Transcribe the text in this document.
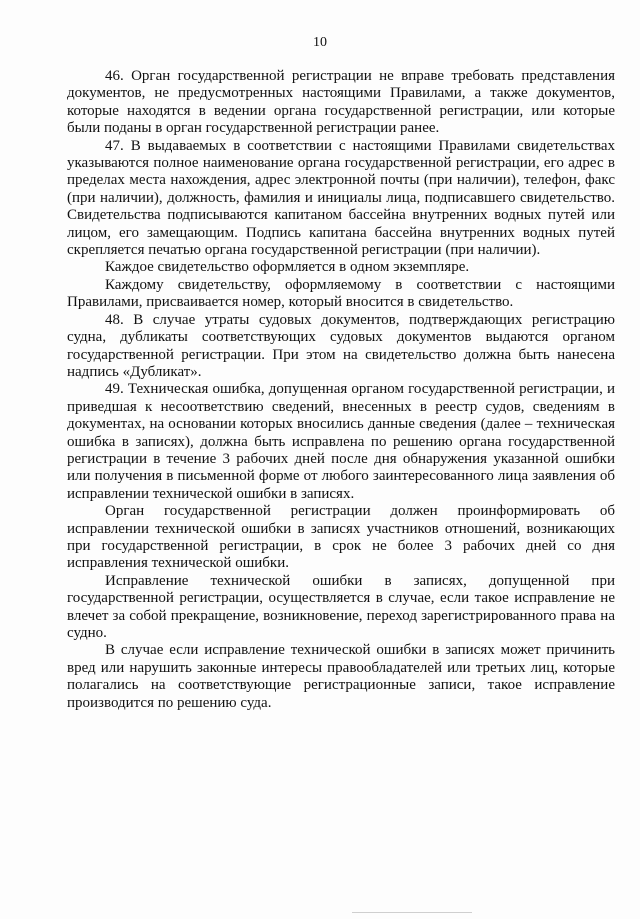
10

46. Орган государственной регистрации не вправе требовать представления документов, не предусмотренных настоящими Правилами, а также документов, которые находятся в ведении органа государственной регистрации, или которые были поданы в орган государственной регистрации ранее.

47. В выдаваемых в соответствии с настоящими Правилами свидетельствах указываются полное наименование органа государственной регистрации, его адрес в пределах места нахождения, адрес электронной почты (при наличии), телефон, факс (при наличии), должность, фамилия и инициалы лица, подписавшего свидетельство. Свидетельства подписываются капитаном бассейна внутренних водных путей или лицом, его замещающим. Подпись капитана бассейна внутренних водных путей скрепляется печатью органа государственной регистрации (при наличии).

Каждое свидетельство оформляется в одном экземпляре.

Каждому свидетельству, оформляемому в соответствии с настоящими Правилами, присваивается номер, который вносится в свидетельство.

48. В случае утраты судовых документов, подтверждающих регистрацию судна, дубликаты соответствующих судовых документов выдаются органом государственной регистрации. При этом на свидетельство должна быть нанесена надпись «Дубликат».

49. Техническая ошибка, допущенная органом государственной регистрации, и приведшая к несоответствию сведений, внесенных в реестр судов, сведениям в документах, на основании которых вносились данные сведения (далее – техническая ошибка в записях), должна быть исправлена по решению органа государственной регистрации в течение 3 рабочих дней после дня обнаружения указанной ошибки или получения в письменной форме от любого заинтересованного лица заявления об исправлении технической ошибки в записях.

Орган государственной регистрации должен проинформировать об исправлении технической ошибки в записях участников отношений, возникающих при государственной регистрации, в срок не более 3 рабочих дней со дня исправления технической ошибки.

Исправление технической ошибки в записях, допущенной при государственной регистрации, осуществляется в случае, если такое исправление не влечет за собой прекращение, возникновение, переход зарегистрированного права на судно.

В случае если исправление технической ошибки в записях может причинить вред или нарушить законные интересы правообладателей или третьих лиц, которые полагались на соответствующие регистрационные записи, такое исправление производится по решению суда.
